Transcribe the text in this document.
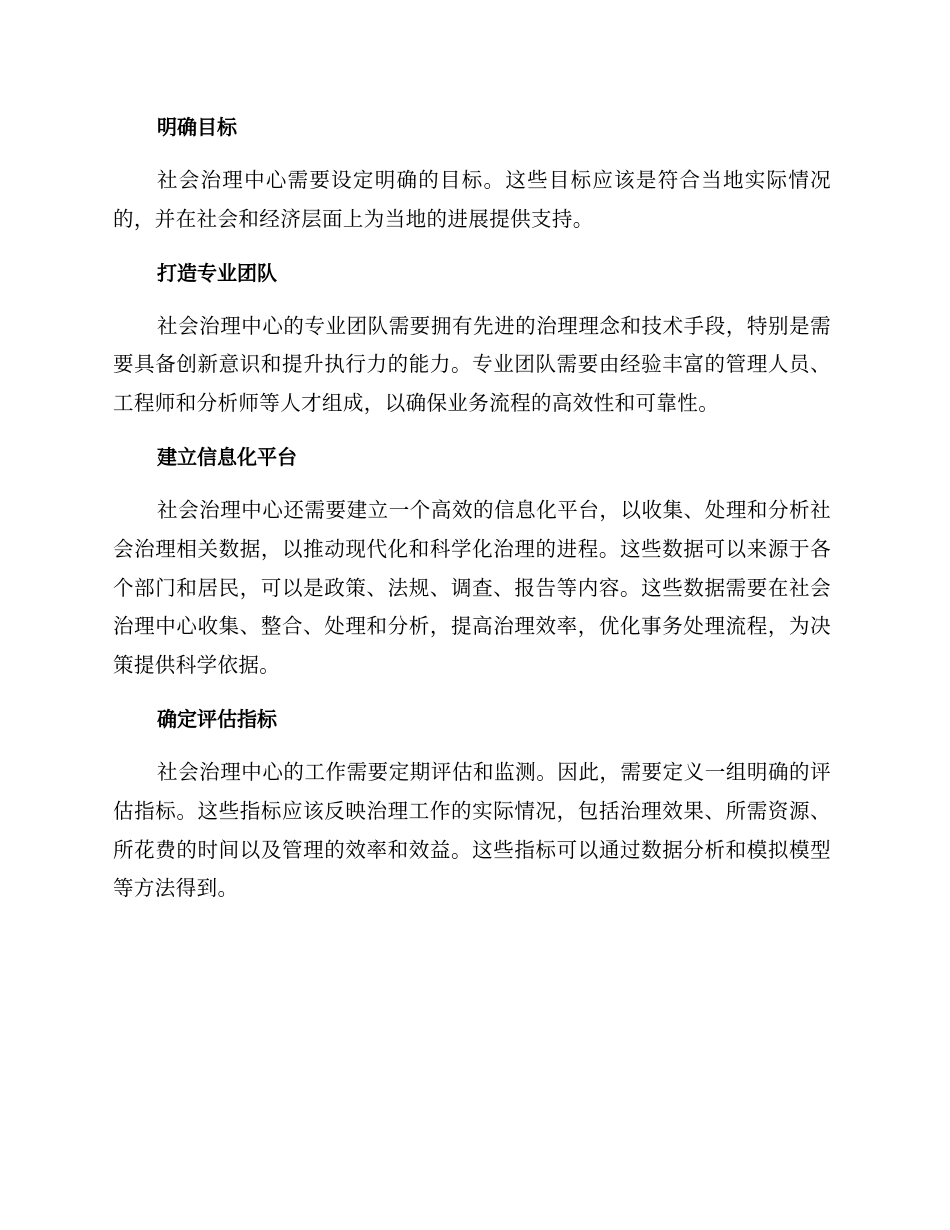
明确目标

社会治理中心需要设定明确的目标。这些目标应该是符合当地实际情况的，并在社会和经济层面上为当地的进展提供支持。

打造专业团队

社会治理中心的专业团队需要拥有先进的治理理念和技术手段，特别是需要具备创新意识和提升执行力的能力。专业团队需要由经验丰富的管理人员、工程师和分析师等人才组成，以确保业务流程的高效性和可靠性。

建立信息化平台

社会治理中心还需要建立一个高效的信息化平台，以收集、处理和分析社会治理相关数据，以推动现代化和科学化治理的进程。这些数据可以来源于各个部门和居民，可以是政策、法规、调查、报告等内容。这些数据需要在社会治理中心收集、整合、处理和分析，提高治理效率，优化事务处理流程，为决策提供科学依据。

确定评估指标

社会治理中心的工作需要定期评估和监测。因此，需要定义一组明确的评估指标。这些指标应该反映治理工作的实际情况，包括治理效果、所需资源、所花费的时间以及管理的效率和效益。这些指标可以通过数据分析和模拟模型等方法得到。
